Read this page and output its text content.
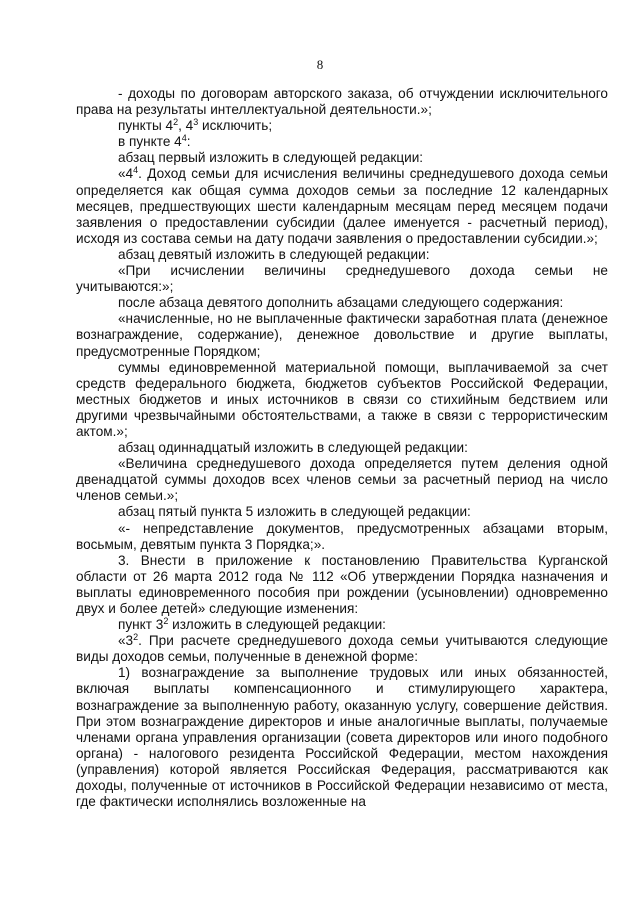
8

- доходы по договорам авторского заказа, об отчуждении исключительного права на результаты интеллектуальной деятельности.»;

пункты $4^2$, $4^3$ исключить;

в пункте $4^4$:

абзац первый изложить в следующей редакции:

«$4^4$. Доход семьи для исчисления величины среднедушевого дохода семьи определяется как общая сумма доходов семьи за последние 12 календарных месяцев, предшествующих шести календарным месяцам перед месяцем подачи заявления о предоставлении субсидии (далее именуется - расчетный период), исходя из состава семьи на дату подачи заявления о предоставлении субсидии.»;

абзац девятый изложить в следующей редакции:

«При исчислении величины среднедушевого дохода семьи не учитываются:»;

после абзаца девятого дополнить абзацами следующего содержания:

«начисленные, но не выплаченные фактически заработная плата (денежное вознаграждение, содержание), денежное довольствие и другие выплаты, предусмотренные Порядком;

суммы единовременной материальной помощи, выплачиваемой за счет средств федерального бюджета, бюджетов субъектов Российской Федерации, местных бюджетов и иных источников в связи со стихийным бедствием или другими чрезвычайными обстоятельствами, а также в связи с террористическим актом.»;

абзац одиннадцатый изложить в следующей редакции:

«Величина среднедушевого дохода определяется путем деления одной двенадцатой суммы доходов всех членов семьи за расчетный период на число членов семьи.»;

абзац пятый пункта 5 изложить в следующей редакции:

«- непредставление документов, предусмотренных абзацами вторым, восьмым, девятым пункта 3 Порядка;».

3. Внести в приложение к постановлению Правительства Курганской области от 26 марта 2012 года № 112 «Об утверждении Порядка назначения и выплаты единовременного пособия при рождении (усыновлении) одновременно двух и более детей» следующие изменения:

пункт $3^2$ изложить в следующей редакции:

«$3^2$. При расчете среднедушевого дохода семьи учитываются следующие виды доходов семьи, полученные в денежной форме:

1) вознаграждение за выполнение трудовых или иных обязанностей, включая выплаты компенсационного и стимулирующего характера, вознаграждение за выполненную работу, оказанную услугу, совершение действия. При этом вознаграждение директоров и иные аналогичные выплаты, получаемые членами органа управления организации (совета директоров или иного подобного органа) - налогового резидента Российской Федерации, местом нахождения (управления) которой является Российская Федерация, рассматриваются как доходы, полученные от источников в Российской Федерации независимо от места, где фактически исполнялись возложенные на
